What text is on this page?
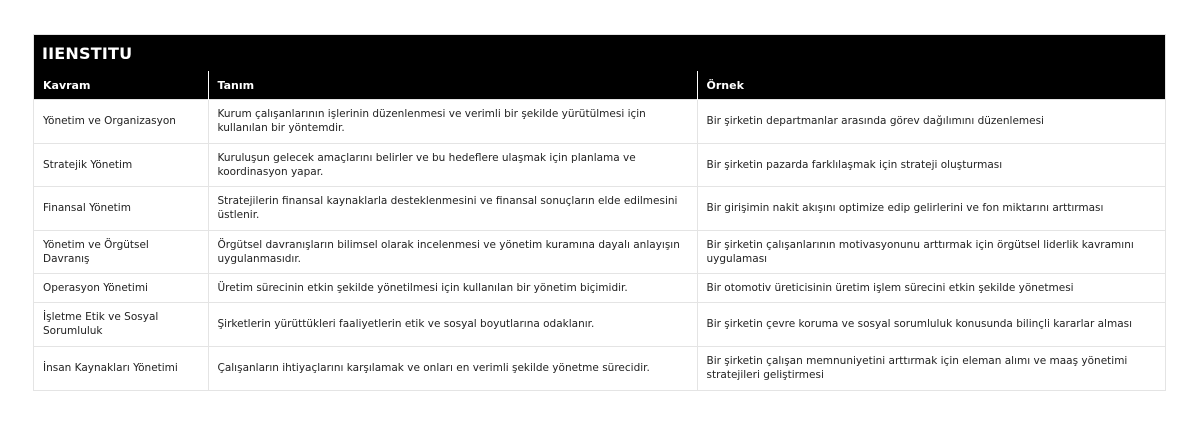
IIENSTITU
Kavram	Tanım	Örnek
Yönetim ve Organizasyon	Kurum çalışanlarının işlerinin düzenlenmesi ve verimli bir şekilde yürütülmesi için kullanılan bir yöntemdir.	Bir şirketin departmanlar arasında görev dağılımını düzenlemesi
Stratejik Yönetim	Kuruluşun gelecek amaçlarını belirler ve bu hedeflere ulaşmak için planlama ve koordinasyon yapar.	Bir şirketin pazarda farklılaşmak için strateji oluşturması
Finansal Yönetim	Stratejilerin finansal kaynaklarla desteklenmesini ve finansal sonuçların elde edilmesini üstlenir.	Bir girişimin nakit akışını optimize edip gelirlerini ve fon miktarını arttırması
Yönetim ve Örgütsel Davranış	Örgütsel davranışların bilimsel olarak incelenmesi ve yönetim kuramına dayalı anlayışın uygulanmasıdır.	Bir şirketin çalışanlarının motivasyonunu arttırmak için örgütsel liderlik kavramını uygulaması
Operasyon Yönetimi	Üretim sürecinin etkin şekilde yönetilmesi için kullanılan bir yönetim biçimidir.	Bir otomotiv üreticisinin üretim işlem sürecini etkin şekilde yönetmesi
İşletme Etik ve Sosyal Sorumluluk	Şirketlerin yürüttükleri faaliyetlerin etik ve sosyal boyutlarına odaklanır.	Bir şirketin çevre koruma ve sosyal sorumluluk konusunda bilinçli kararlar alması
İnsan Kaynakları Yönetimi	Çalışanların ihtiyaçlarını karşılamak ve onları en verimli şekilde yönetme sürecidir.	Bir şirketin çalışan memnuniyetini arttırmak için eleman alımı ve maaş yönetimi stratejileri geliştirmesi
